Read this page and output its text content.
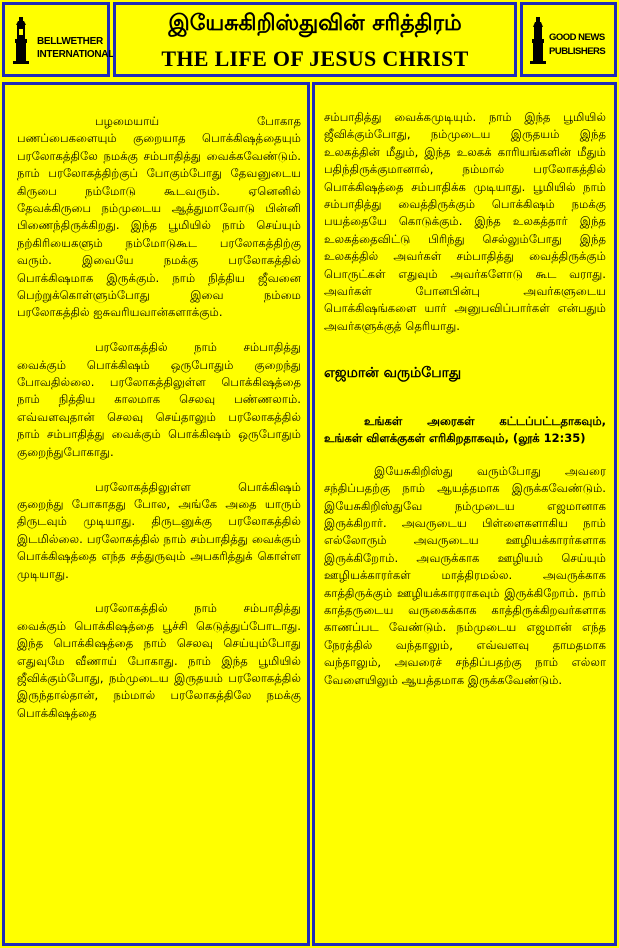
BELLWETHER
INTERNATIONAL
இயேசுகிறிஸ்துவின் சரித்திரம்
THE LIFE OF JESUS CHRIST
GOOD NEWS
PUBLISHERS

பழமையாய் போகாத பணப்பைகளையும் குறையாத பொக்கிஷத்தையும் பரலோகத்திலே நமக்கு சம்பாதித்து வைக்கவேண்டும். நாம் பரலோகத்திற்குப் போகும்போது தேவனுடைய கிருபை நம்மோடு கூடவரும். ஏனெனில் தேவக்கிருபை நம்முடைய ஆத்துமாவோடு பின்னி பிணைந்திருக்கிறது. இந்த பூமியில் நாம் செய்யும் நற்கிரியைகளும் நம்மோடுகூட பரலோகத்திற்கு வரும். இவையே நமக்கு பரலோகத்தில் பொக்கிஷமாக இருக்கும். நாம் நித்திய ஜீவனை பெற்றுக்கொள்ளும்போது இவை நம்மை பரலோகத்தில் ஐசுவரியவான்களாக்கும்.

பரலோகத்தில் நாம் சம்பாதித்து வைக்கும் பொக்கிஷம் ஒருபோதும் குறைந்து போவதில்லை. பரலோகத்திலுள்ள பொக்கிஷத்தை நாம் நித்திய காலமாக செலவு பண்ணலாம். எவ்வளவுதான் செலவு செய்தாலும் பரலோகத்தில் நாம் சம்பாதித்து வைக்கும் பொக்கிஷம் ஒருபோதும் குறைந்துபோகாது.

பரலோகத்திலுள்ள பொக்கிஷம் குறைந்து போகாதது போல, அங்கே அதை யாரும் திருடவும் முடியாது. திருடனுக்கு பரலோகத்தில் இடமில்லை. பரலோகத்தில் நாம் சம்பாதித்து வைக்கும் பொக்கிஷத்தை எந்த சத்துருவும் அபகரித்துக் கொள்ள முடியாது.

பரலோகத்தில் நாம் சம்பாதித்து வைக்கும் பொக்கிஷத்தை பூச்சி கெடுத்துப்போடாது. இந்த பொக்கிஷத்தை நாம் செலவு செய்யும்போது எதுவுமே வீணாய் போகாது. நாம் இந்த பூமியில் ஜீவிக்கும்போது, நம்முடைய இருதயம் பரலோகத்தில் இருந்தால்தான், நம்மால் பரலோகத்திலே நமக்கு பொக்கிஷத்தை

சம்பாதித்து வைக்கமுடியும். நாம் இந்த பூமியில் ஜீவிக்கும்போது, நம்முடைய இருதயம் இந்த உலகத்தின் மீதும், இந்த உலகக் காரியங்களின் மீதும் பதிந்திருக்குமானால், நம்மால் பரலோகத்தில் பொக்கிஷத்தை சம்பாதிக்க முடியாது. பூமியில் நாம் சம்பாதித்து வைத்திருக்கும் பொக்கிஷம் நமக்கு பயத்தையே கொடுக்கும். இந்த உலகத்தார் இந்த உலகத்தைவிட்டு பிரிந்து செல்லும்போது இந்த உலகத்தில் அவர்கள் சம்பாதித்து வைத்திருக்கும் பொருட்கள் எதுவும் அவர்களோடு கூட வராது. அவர்கள் போனபின்பு அவர்களுடைய பொக்கிஷங்களை யார் அனுபவிப்பார்கள் என்பதும் அவர்களுக்குத் தெரியாது.

எஜமான் வரும்போது

உங்கள் அரைகள் கட்டப்பட்டதாகவும், உங்கள் விளக்குகள் எரிகிறதாகவும், (லூக் 12:35)

இயேசுகிறிஸ்து வரும்போது அவரை சந்திப்பதற்கு நாம் ஆயத்தமாக இருக்கவேண்டும். இயேசுகிறிஸ்துவே நம்முடைய எஜமானாக இருக்கிறார். அவருடைய பிள்ளைகளாகிய நாம் எல்லோரும் அவருடைய ஊழியக்காரர்களாக இருக்கிறோம். அவருக்காக ஊழியம் செய்யும் ஊழியக்காரர்கள் மாத்திரமல்ல. அவருக்காக காத்திருக்கும் ஊழியக்காரராகவும் இருக்கிறோம். நாம் காத்தருடைய வருகைக்காக காத்திருக்கிறவர்களாக காணப்பட வேண்டும். நம்முடைய எஜமான் எந்த நேரத்தில் வந்தாலும், எவ்வளவு தாமதமாக வந்தாலும், அவரைச் சந்திப்பதற்கு நாம் எல்லா வேளையிலும் ஆயத்தமாக இருக்கவேண்டும்.
